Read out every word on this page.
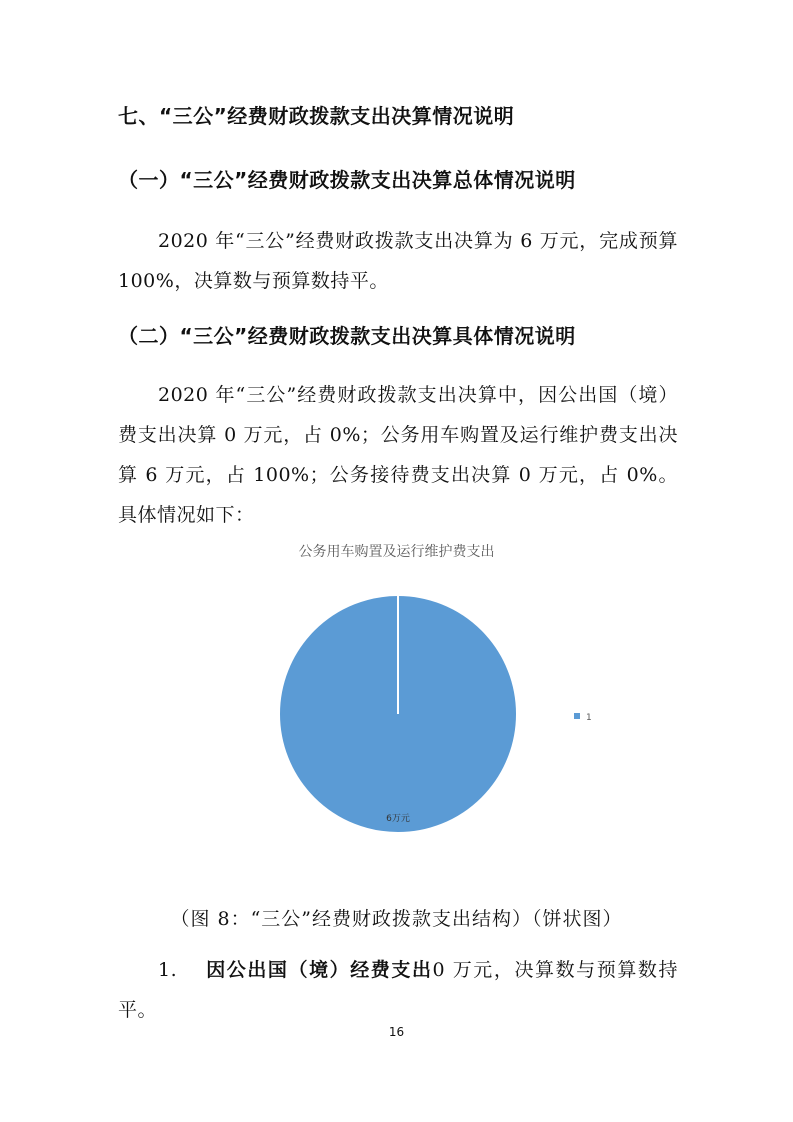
七、“三公”经费财政拨款支出决算情况说明
（一）“三公”经费财政拨款支出决算总体情况说明
2020 年“三公”经费财政拨款支出决算为 6 万元，完成预算 100%，决算数与预算数持平。
（二）“三公”经费财政拨款支出决算具体情况说明
2020 年“三公”经费财政拨款支出决算中，因公出国（境）费支出决算 0 万元，占 0%；公务用车购置及运行维护费支出决算 6 万元，占 100%；公务接待费支出决算 0 万元，占 0%。具体情况如下：
公务用车购置及运行维护费支出
6万元
1
（图 8：“三公”经费财政拨款支出结构）（饼状图）
1. 因公出国（境）经费支出0 万元，决算数与预算数持平。
16
